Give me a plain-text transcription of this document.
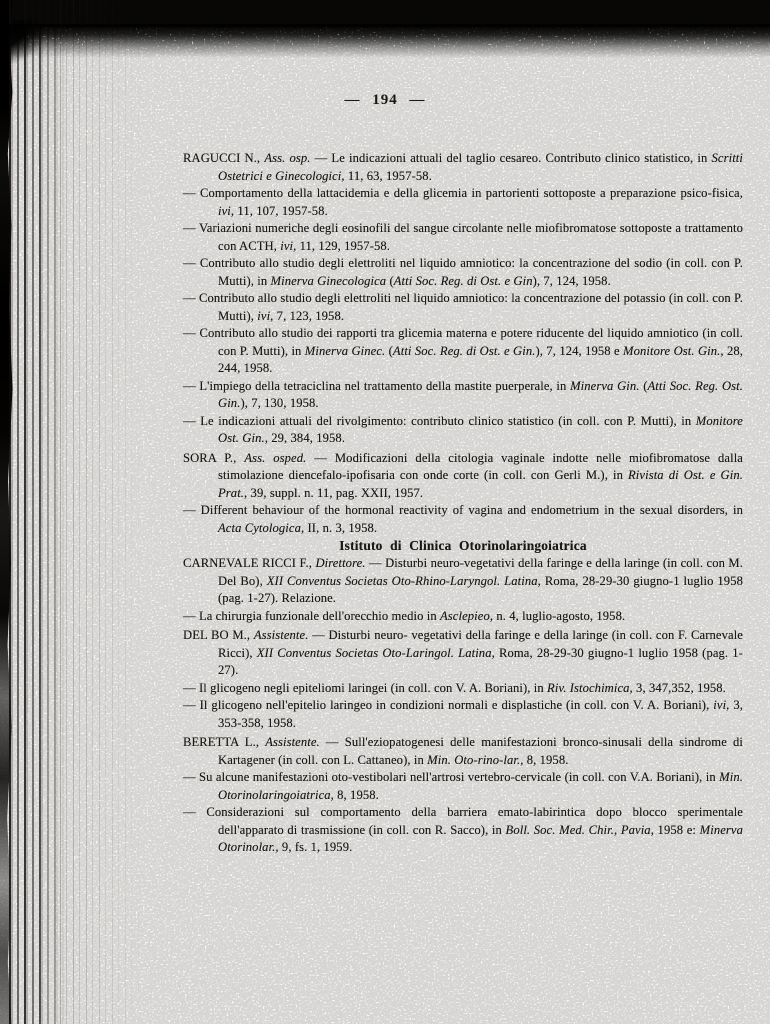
— 194 —

RAGUCCI N., Ass. osp. — Le indicazioni attuali del taglio cesareo. Contributo clinico statistico, in Scritti Ostetrici e Ginecologici, 11, 63, 1957-58.

— Comportamento della lattacidemia e della glicemia in partorienti sottoposte a preparazione psico-fisica, ivi, 11, 107, 1957-58.

— Variazioni numeriche degli eosinofili del sangue circolante nelle miofibromatose sottoposte a trattamento con ACTH, ivi, 11, 129, 1957-58.

— Contributo allo studio degli elettroliti nel liquido amniotico: la concentrazione del sodio (in coll. con P. Mutti), in Minerva Ginecologica (Atti Soc. Reg. di Ost. e Gin), 7, 124, 1958.

— Contributo allo studio degli elettroliti nel liquido amniotico: la concentrazione del potassio (in coll. con P. Mutti), ivi, 7, 123, 1958.

— Contributo allo studio dei rapporti tra glicemia materna e potere riducente del liquido amniotico (in coll. con P. Mutti), in Minerva Ginec. (Atti Soc. Reg. di Ost. e Gin.), 7, 124, 1958 e Monitore Ost. Gin., 28, 244, 1958.

— L'impiego della tetraciclina nel trattamento della mastite puerperale, in Minerva Gin. (Atti Soc. Reg. Ost. Gin.), 7, 130, 1958.

— Le indicazioni attuali del rivolgimento: contributo clinico statistico (in coll. con P. Mutti), in Monitore Ost. Gin., 29, 384, 1958.

SORA P., Ass. osped. — Modificazioni della citologia vaginale indotte nelle miofibromatose dalla stimolazione diencefalo-ipofisaria con onde corte (in coll. con Gerli M.), in Rivista di Ost. e Gin. Prat., 39, suppl. n. 11, pag. XXII, 1957.

— Different behaviour of the hormonal reactivity of vagina and endometrium in the sexual disorders, in Acta Cytologica, II, n. 3, 1958.

Istituto di Clinica Otorinolaringoiatrica

CARNEVALE RICCI F., Direttore. — Disturbi neuro-vegetativi della faringe e della laringe (in coll. con M. Del Bo), XII Conventus Societas Oto-Rhino-Laryngol. Latina, Roma, 28-29-30 giugno-1 luglio 1958 (pag. 1-27). Relazione.

— La chirurgia funzionale dell'orecchio medio in Asclepieo, n. 4, luglio-agosto, 1958.

DEL BO M., Assistente. — Disturbi neuro- vegetativi della faringe e della laringe (in coll. con F. Carnevale Ricci), XII Conventus Societas Oto-Laringol. Latina, Roma, 28-29-30 giugno-1 luglio 1958 (pag. 1-27).

— Il glicogeno negli epiteliomi laringei (in coll. con V. A. Boriani), in Riv. Istochimica, 3, 347,352, 1958.

— Il glicogeno nell'epitelio laringeo in condizioni normali e displastiche (in coll. con V. A. Boriani), ivi, 3, 353-358, 1958.

BERETTA L., Assistente. — Sull'eziopatogenesi delle manifestazioni bronco-sinusali della sindrome di Kartagener (in coll. con L. Cattaneo), in Min. Oto-rino-lar., 8, 1958.

— Su alcune manifestazioni oto-vestibolari nell'artrosi vertebro-cervicale (in coll. con V.A. Boriani), in Min. Otorinolaringoiatrica, 8, 1958.

— Considerazioni sul comportamento della barriera emato-labirintica dopo blocco sperimentale dell'apparato di trasmissione (in coll. con R. Sacco), in Boll. Soc. Med. Chir., Pavia, 1958 e: Minerva Otorinolar., 9, fs. 1, 1959.
